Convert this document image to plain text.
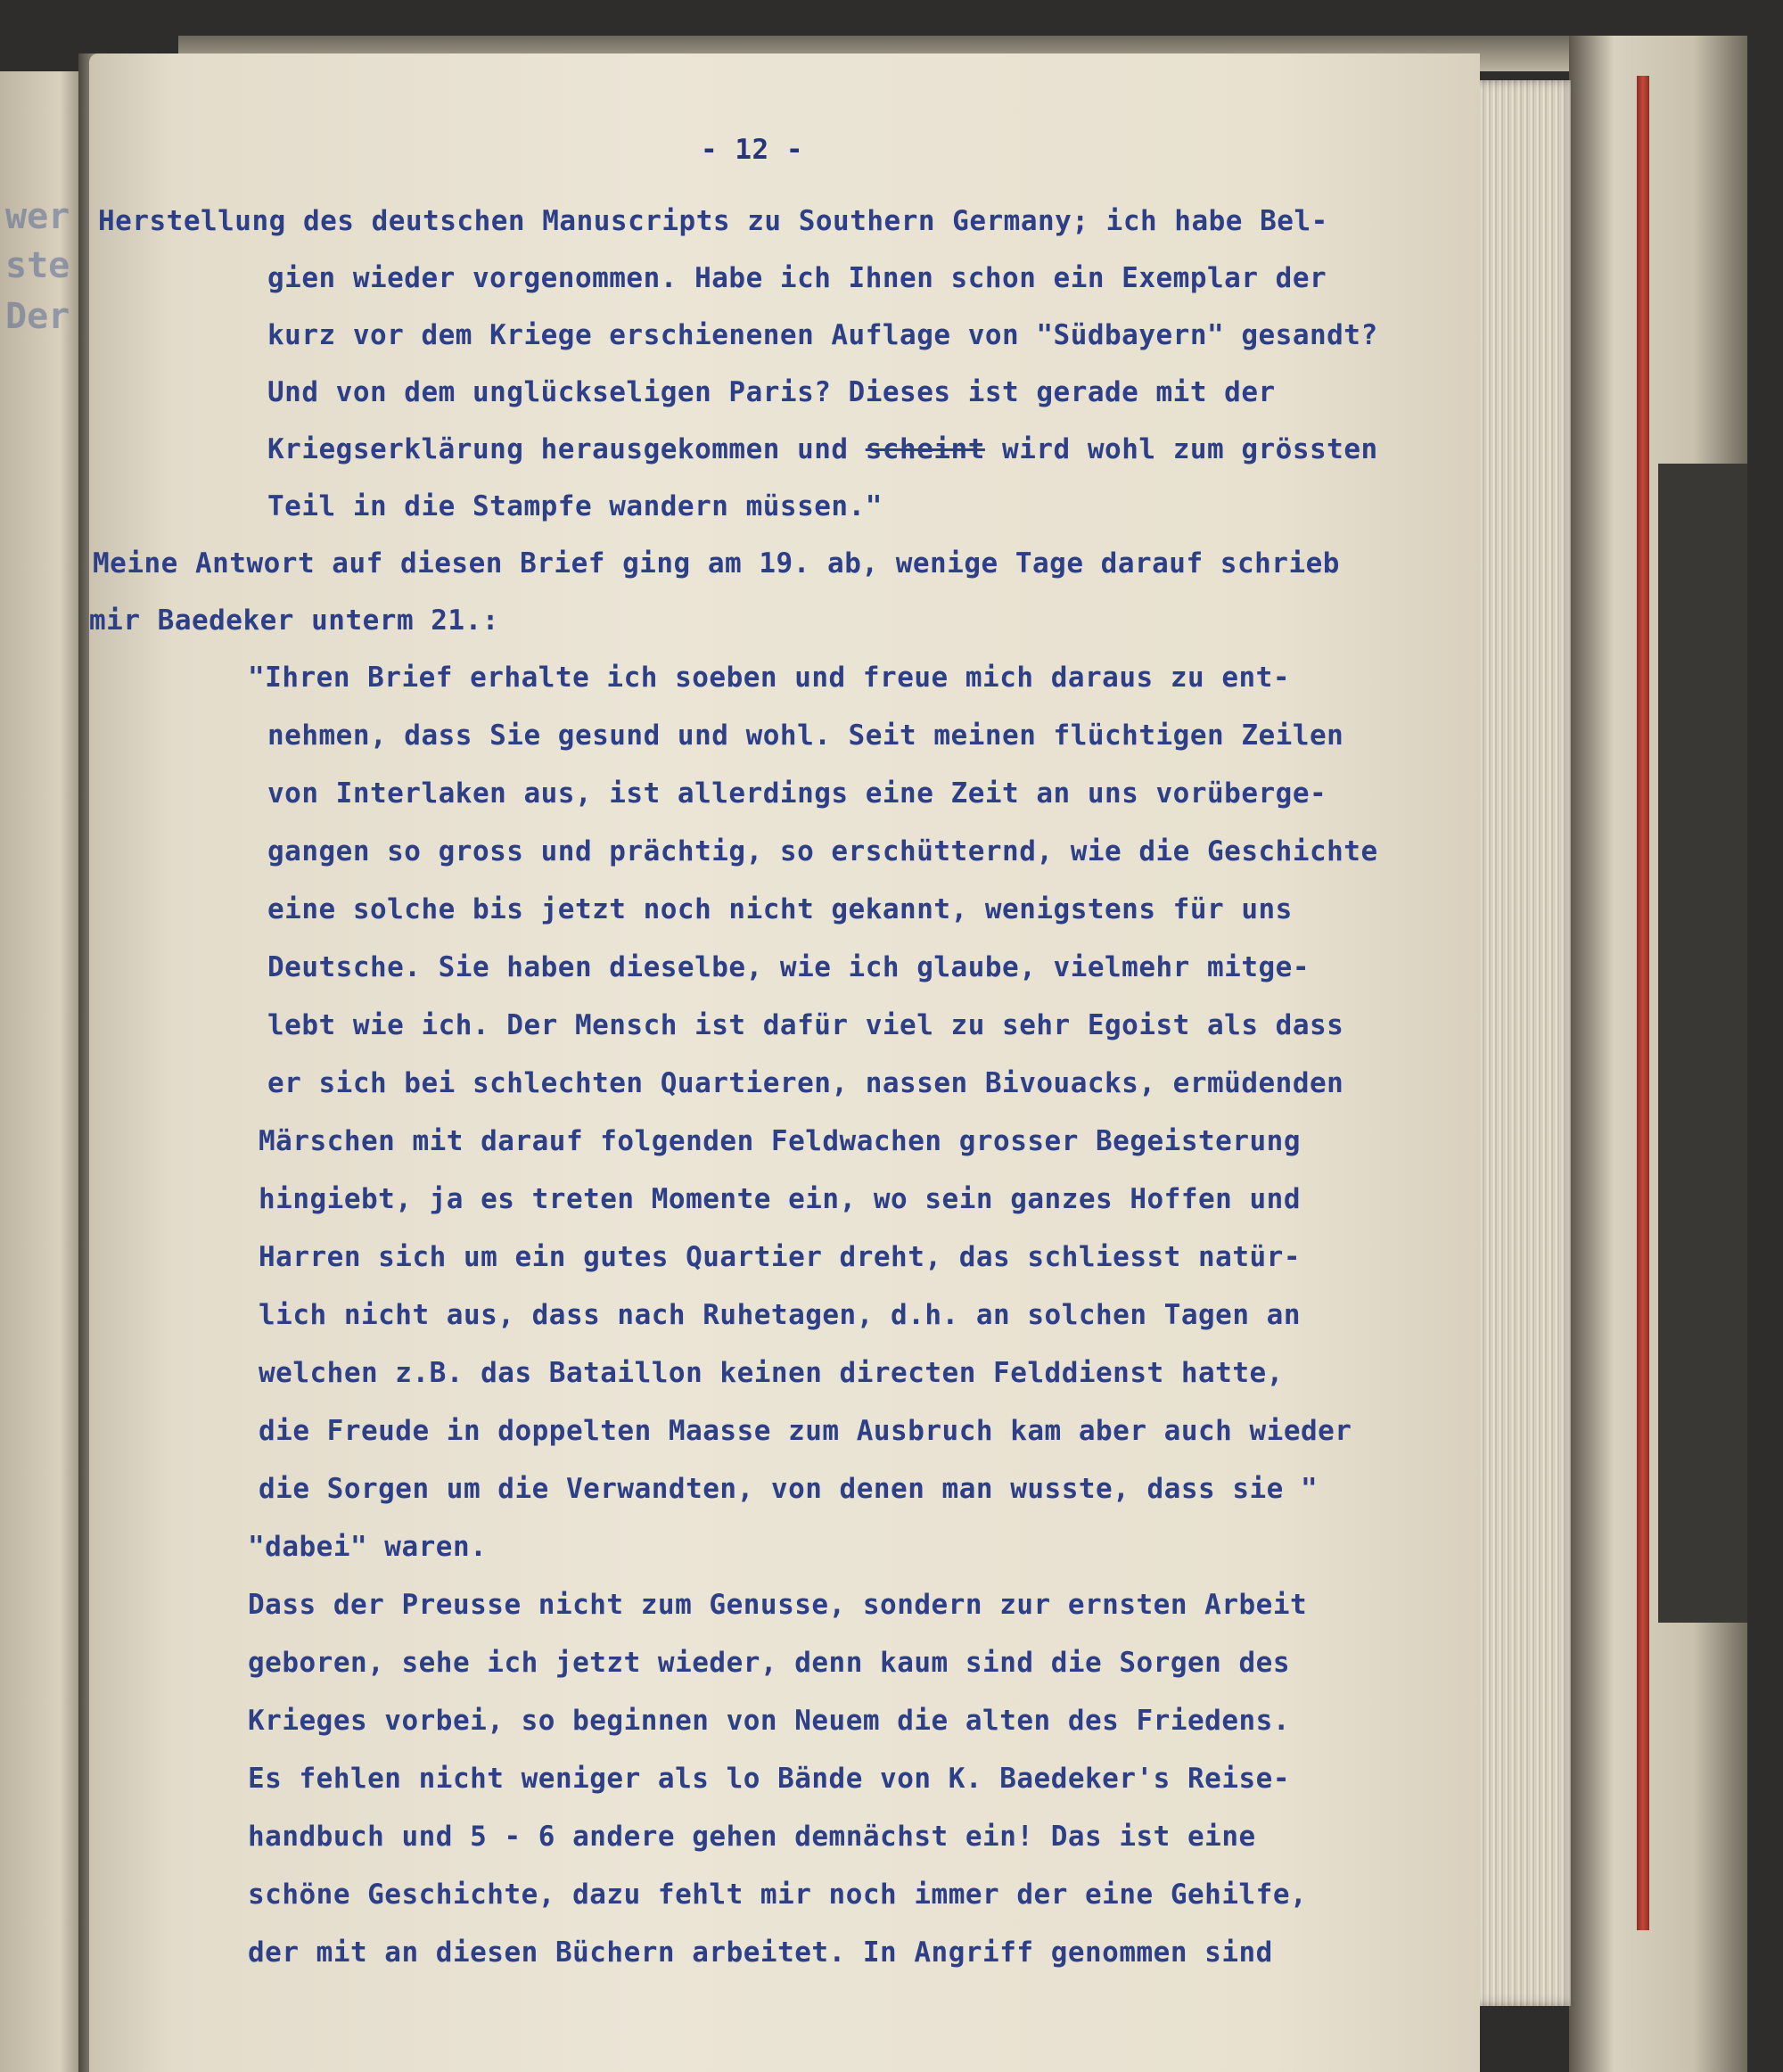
wer
ste
Der

- 12 -

Herstellung des deutschen Manuscripts zu Southern Germany; ich habe Bel-

gien wieder vorgenommen. Habe ich Ihnen schon ein Exemplar der

kurz vor dem Kriege erschienenen Auflage von "Südbayern" gesandt?

Und von dem unglückseligen Paris? Dieses ist gerade mit der

Kriegserklärung herausgekommen und scheint wird wohl zum grössten

Teil in die Stampfe wandern müssen."

Meine Antwort auf diesen Brief ging am 19. ab, wenige Tage darauf schrieb

mir Baedeker unterm 21.:

"Ihren Brief erhalte ich soeben und freue mich daraus zu ent-

nehmen, dass Sie gesund und wohl. Seit meinen flüchtigen Zeilen

von Interlaken aus, ist allerdings eine Zeit an uns vorüberge-

gangen so gross und prächtig, so erschütternd, wie die Geschichte

eine solche bis jetzt noch nicht gekannt, wenigstens für uns

Deutsche. Sie haben dieselbe, wie ich glaube, vielmehr mitge-

lebt wie ich. Der Mensch ist dafür viel zu sehr Egoist als dass

er sich bei schlechten Quartieren, nassen Bivouacks, ermüdenden

Märschen mit darauf folgenden Feldwachen grosser Begeisterung

hingiebt, ja es treten Momente ein, wo sein ganzes Hoffen und

Harren sich um ein gutes Quartier dreht, das schliesst natür-

lich nicht aus, dass nach Ruhetagen, d.h. an solchen Tagen an

welchen z.B. das Bataillon keinen directen Felddienst hatte,

die Freude in doppelten Maasse zum Ausbruch kam aber auch wieder

die Sorgen um die Verwandten, von denen man wusste, dass sie "

"dabei" waren.

Dass der Preusse nicht zum Genusse, sondern zur ernsten Arbeit

geboren, sehe ich jetzt wieder, denn kaum sind die Sorgen des

Krieges vorbei, so beginnen von Neuem die alten des Friedens.

Es fehlen nicht weniger als lo Bände von K. Baedeker's Reise-

handbuch und 5 - 6 andere gehen demnächst ein! Das ist eine

schöne Geschichte, dazu fehlt mir noch immer der eine Gehilfe,

der mit an diesen Büchern arbeitet. In Angriff genommen sind
